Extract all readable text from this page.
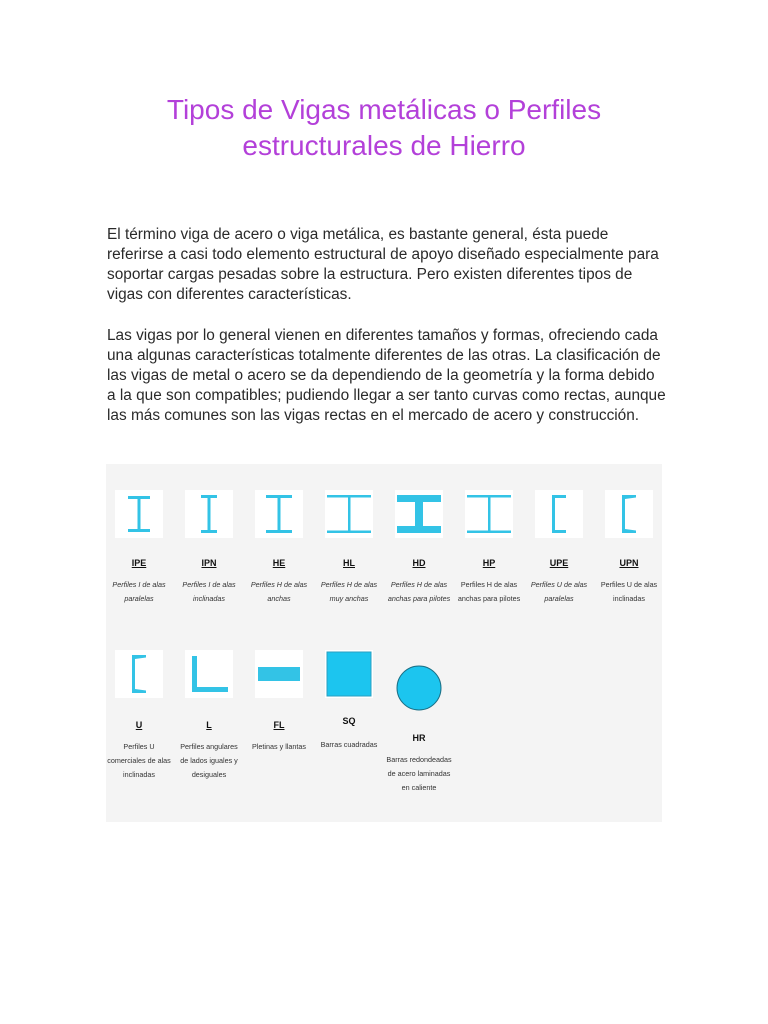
Tipos de Vigas metálicas o Perfiles
estructurales de Hierro

El término viga de acero o viga metálica, es bastante general, ésta puede referirse a casi todo elemento estructural de apoyo diseñado especialmente para soportar cargas pesadas sobre la estructura. Pero existen diferentes tipos de vigas con diferentes características.

Las vigas por lo general vienen en diferentes tamaños y formas, ofreciendo cada una algunas características totalmente diferentes de las otras. La clasificación de las vigas de metal o acero se da dependiendo de la geometría y la forma debido a la que son compatibles; pudiendo llegar a ser tanto curvas como rectas, aunque las más comunes son las vigas rectas en el mercado de acero y construcción.

IPE
Perfiles I de alas paralelas
IPN
Perfiles I de alas inclinadas
HE
Perfiles H de alas anchas
HL
Perfiles H de alas muy anchas
HD
Perfiles H de alas anchas para pilotes
HP
Perfiles H de alas anchas para pilotes
UPE
Perfiles U de alas paralelas
UPN
Perfiles U de alas inclinadas
U
Perfiles U comerciales de alas inclinadas
L
Perfiles angulares de lados iguales y desiguales
FL
Pletinas y llantas
SQ
Barras cuadradas
HR
Barras redondeadas de acero laminadas en caliente
